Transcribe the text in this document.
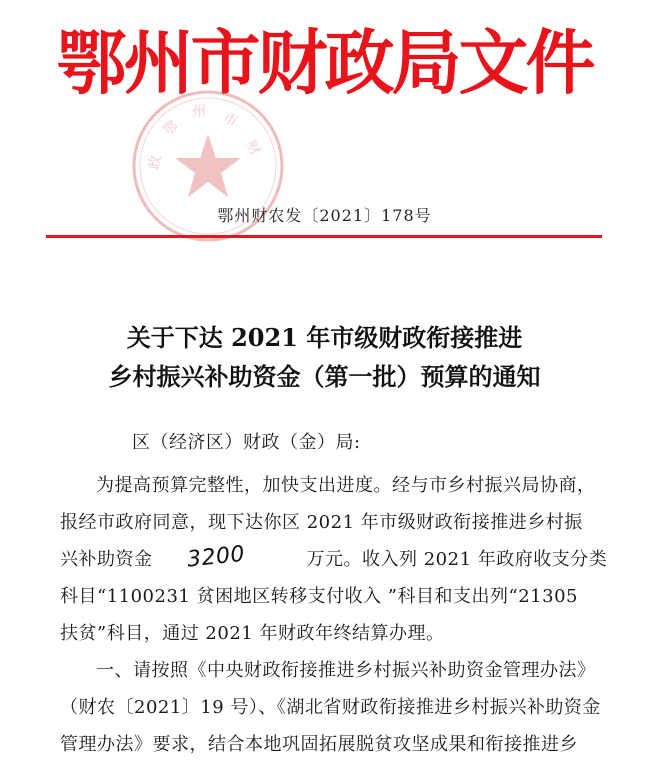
鄂州市财政局文件
鄂
州 市
财
政
鄂州财农发〔2021〕178号
关于下达 2021 年市级财政衔接推进
乡村振兴补助资金（第一批）预算的通知
区（经济区）财政（金）局:
为提高预算完整性，加快支出进度。经与市乡村振兴局协商，
报经市政府同意，现下达你区 2021 年市级财政衔接推进乡村振
兴补助资金 3200	万元。收入列 2021 年政府收支分类
科目“1100231 贫困地区转移支付收入 ”科目和支出列“21305
扶贫”科目，通过 2021 年财政年终结算办理。
一、请按照《中央财政衔接推进乡村振兴补助资金管理办法》
（财农〔2021〕19 号）、《湖北省财政衔接推进乡村振兴补助资金
管理办法》要求，结合本地巩固拓展脱贫攻坚成果和衔接推进乡
